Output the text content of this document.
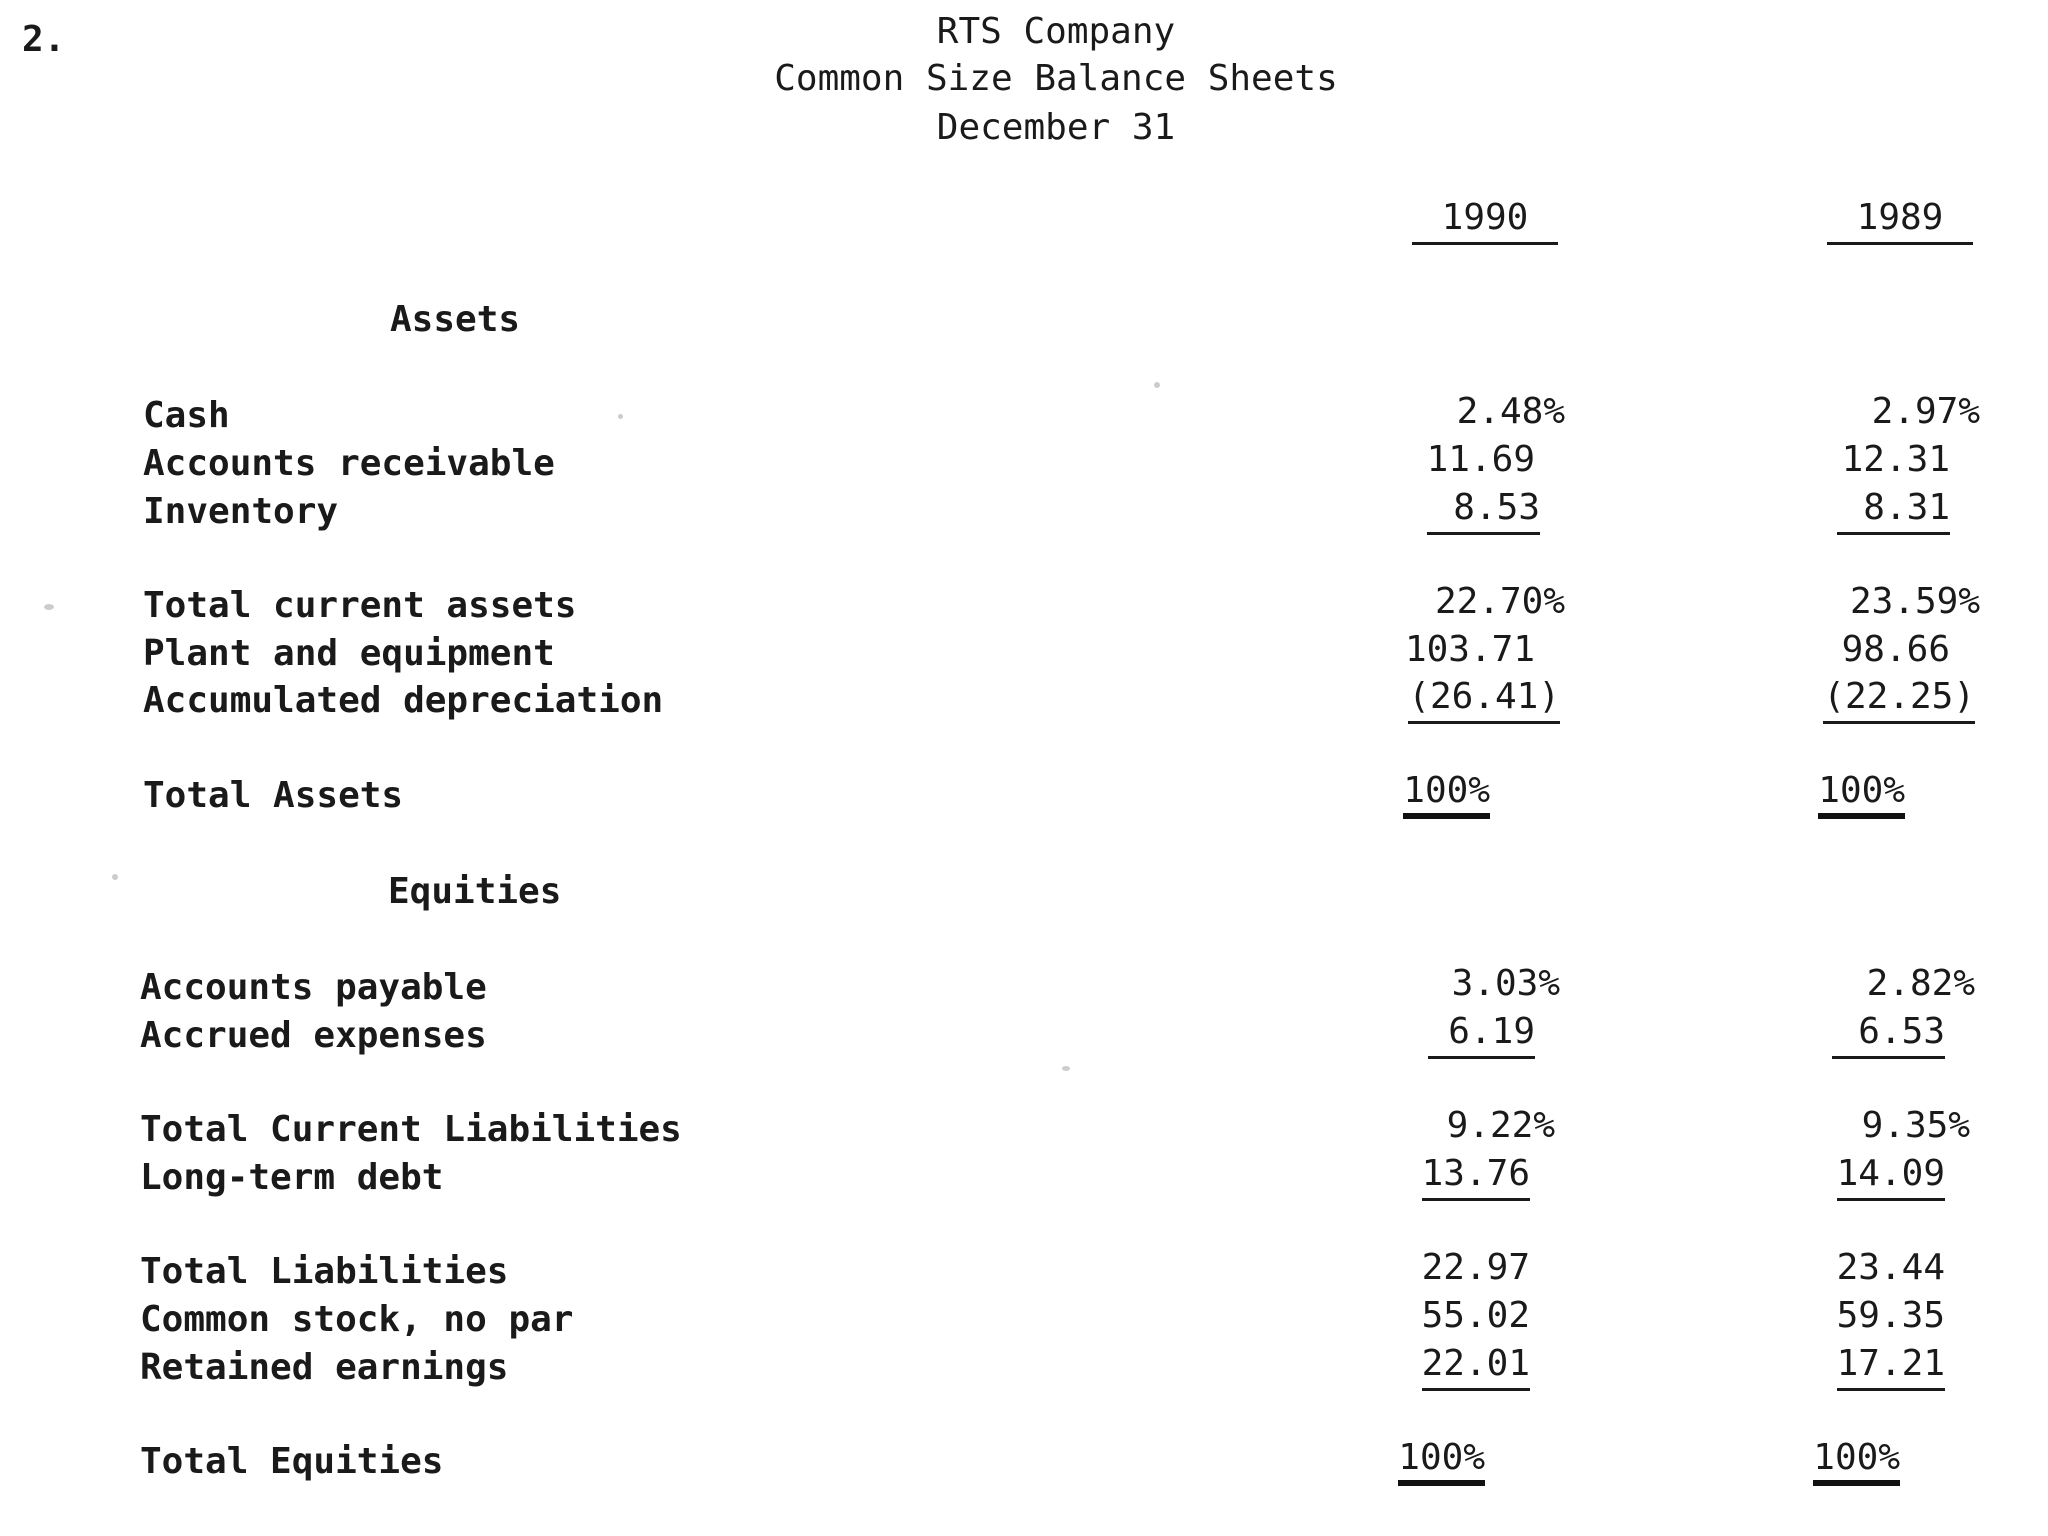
2.	RTS Company
Common Size Balance Sheets
December 31
1990	1989
Assets
Cash	2.48%	2.97%
Accounts receivable	11.69	12.31
Inventory	8.53	8.31
Total current assets	22.70%	23.59%
Plant and equipment	103.71	98.66
Accumulated depreciation	(26.41)	(22.25)
Total Assets	100%	100%
Equities
Accounts payable	3.03%	2.82%
Accrued expenses	6.19	6.53
Total Current Liabilities	9.22%	9.35%
Long-term debt	13.76	14.09
Total Liabilities	22.97	23.44
Common stock, no par	55.02	59.35
Retained earnings	22.01	17.21
Total Equities	100%	100%
